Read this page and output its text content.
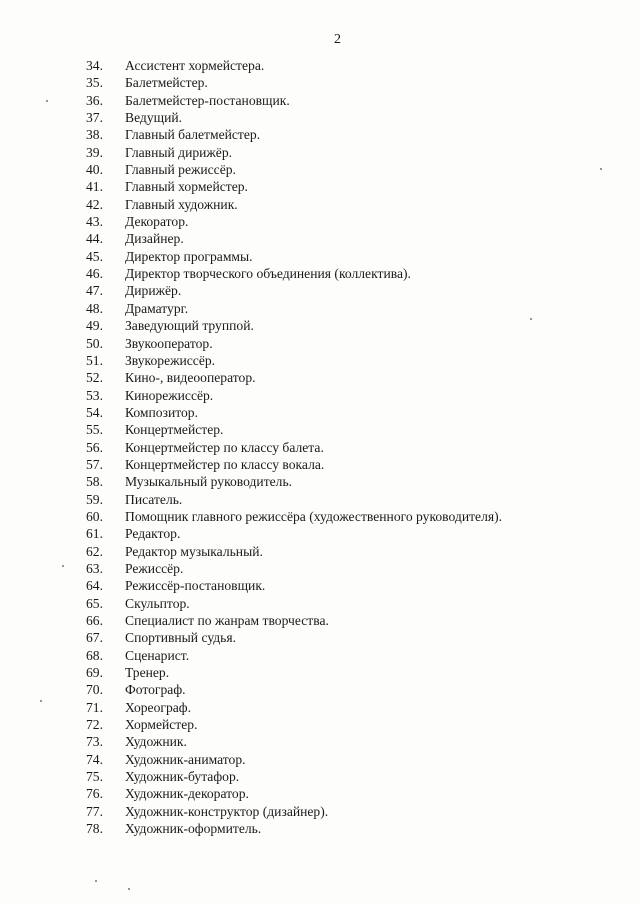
2
34. Ассистент хормейстера.
35. Балетмейстер.
36. Балетмейстер-постановщик.
37. Ведущий.
38. Главный балетмейстер.
39. Главный дирижёр.
40. Главный режиссёр.
41. Главный хормейстер.
42. Главный художник.
43. Декоратор.
44. Дизайнер.
45. Директор программы.
46. Директор творческого объединения (коллектива).
47. Дирижёр.
48. Драматург.
49. Заведующий труппой.
50. Звукооператор.
51. Звукорежиссёр.
52. Кино-, видеооператор.
53. Кинорежиссёр.
54. Композитор.
55. Концертмейстер.
56. Концертмейстер по классу балета.
57. Концертмейстер по классу вокала.
58. Музыкальный руководитель.
59. Писатель.
60. Помощник главного режиссёра (художественного руководителя).
61. Редактор.
62. Редактор музыкальный.
63. Режиссёр.
64. Режиссёр-постановщик.
65. Скульптор.
66. Специалист по жанрам творчества.
67. Спортивный судья.
68. Сценарист.
69. Тренер.
70. Фотограф.
71. Хореограф.
72. Хормейстер.
73. Художник.
74. Художник-аниматор.
75. Художник-бутафор.
76. Художник-декоратор.
77. Художник-конструктор (дизайнер).
78. Художник-оформитель.
